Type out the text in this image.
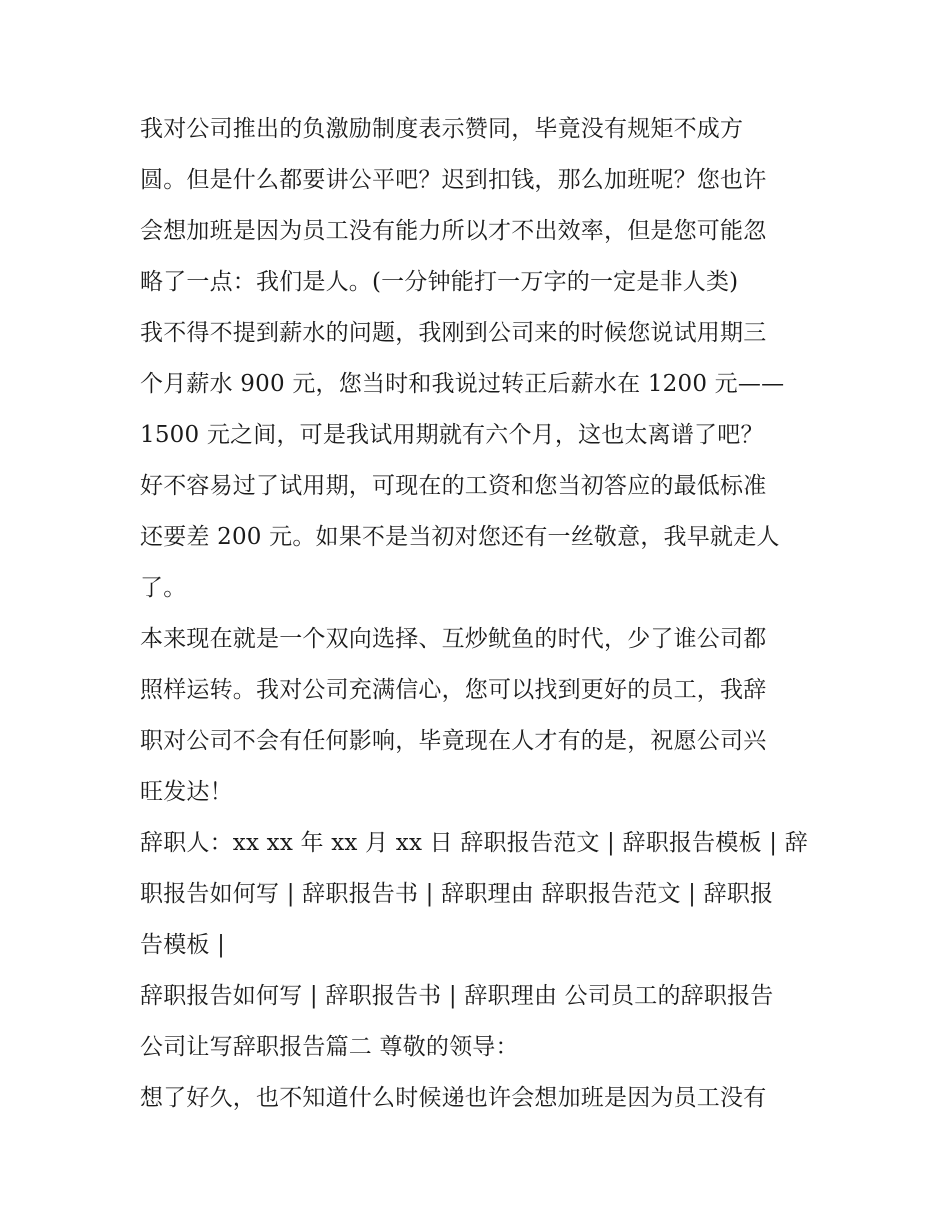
我对公司推出的负激励制度表示赞同，毕竟没有规矩不成方
圆。但是什么都要讲公平吧？迟到扣钱，那么加班呢？您也许
会想加班是因为员工没有能力所以才不出效率，但是您可能忽
略了一点：我们是人。(一分钟能打一万字的一定是非人类)
我不得不提到薪水的问题，我刚到公司来的时候您说试用期三
个月薪水 900 元，您当时和我说过转正后薪水在 1200 元——
1500 元之间，可是我试用期就有六个月，这也太离谱了吧？
好不容易过了试用期，可现在的工资和您当初答应的最低标准
还要差 200 元。如果不是当初对您还有一丝敬意，我早就走人
了。
本来现在就是一个双向选择、互炒鱿鱼的时代，少了谁公司都
照样运转。我对公司充满信心，您可以找到更好的员工，我辞
职对公司不会有任何影响，毕竟现在人才有的是，祝愿公司兴
旺发达！
辞职人：xx xx 年 xx 月 xx 日 辞职报告范文 | 辞职报告模板 | 辞
职报告如何写 | 辞职报告书 | 辞职理由 辞职报告范文 | 辞职报
告模板 |
辞职报告如何写 | 辞职报告书 | 辞职理由 公司员工的辞职报告
公司让写辞职报告篇二 尊敬的领导：
想了好久，也不知道什么时候递也许会想加班是因为员工没有
